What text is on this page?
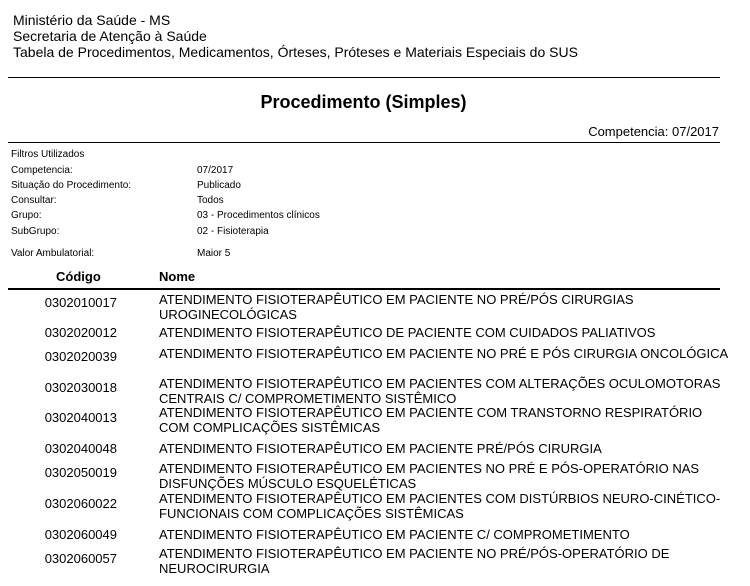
Ministério da Saúde - MS
Secretaria de Atenção à Saúde
Tabela de Procedimentos, Medicamentos, Órteses, Próteses e Materiais Especiais do SUS
Procedimento (Simples)
Competencia: 07/2017
Filtros Utilizados
Competencia:	07/2017
Situação do Procedimento:	Publicado
Consultar:	Todos
Grupo:	03 - Procedimentos clínicos
SubGrupo:	02 - Fisioterapia
Valor Ambulatorial:	Maior 5
Código	Nome
0302010017	ATENDIMENTO FISIOTERAPÊUTICO EM PACIENTE NO PRÉ/PÓS CIRURGIAS UROGINECOLÓGICAS
0302020012	ATENDIMENTO FISIOTERAPÊUTICO DE PACIENTE COM CUIDADOS PALIATIVOS
0302020039	ATENDIMENTO FISIOTERAPÊUTICO EM PACIENTE NO PRÉ E PÓS CIRURGIA ONCOLÓGICA
0302030018	ATENDIMENTO FISIOTERAPÊUTICO EM PACIENTES COM ALTERAÇÕES OCULOMOTORAS CENTRAIS C/ COMPROMETIMENTO SISTÊMICO
0302040013	ATENDIMENTO FISIOTERAPÊUTICO EM PACIENTE COM TRANSTORNO RESPIRATÓRIO COM COMPLICAÇÕES SISTÊMICAS
0302040048	ATENDIMENTO FISIOTERAPÊUTICO EM PACIENTE PRÉ/PÓS CIRURGIA
0302050019	ATENDIMENTO FISIOTERAPÊUTICO EM PACIENTES NO PRÉ E PÓS-OPERATÓRIO NAS DISFUNÇÕES MÚSCULO ESQUELÉTICAS
0302060022	ATENDIMENTO FISIOTERAPÊUTICO EM PACIENTES COM DISTÚRBIOS NEURO-CINÉTICO-FUNCIONAIS COM COMPLICAÇÕES SISTÊMICAS
0302060049	ATENDIMENTO FISIOTERAPÊUTICO EM PACIENTE C/ COMPROMETIMENTO
0302060057	ATENDIMENTO FISIOTERAPÊUTICO EM PACIENTE NO PRÉ/PÓS-OPERATÓRIO DE NEUROCIRURGIA
